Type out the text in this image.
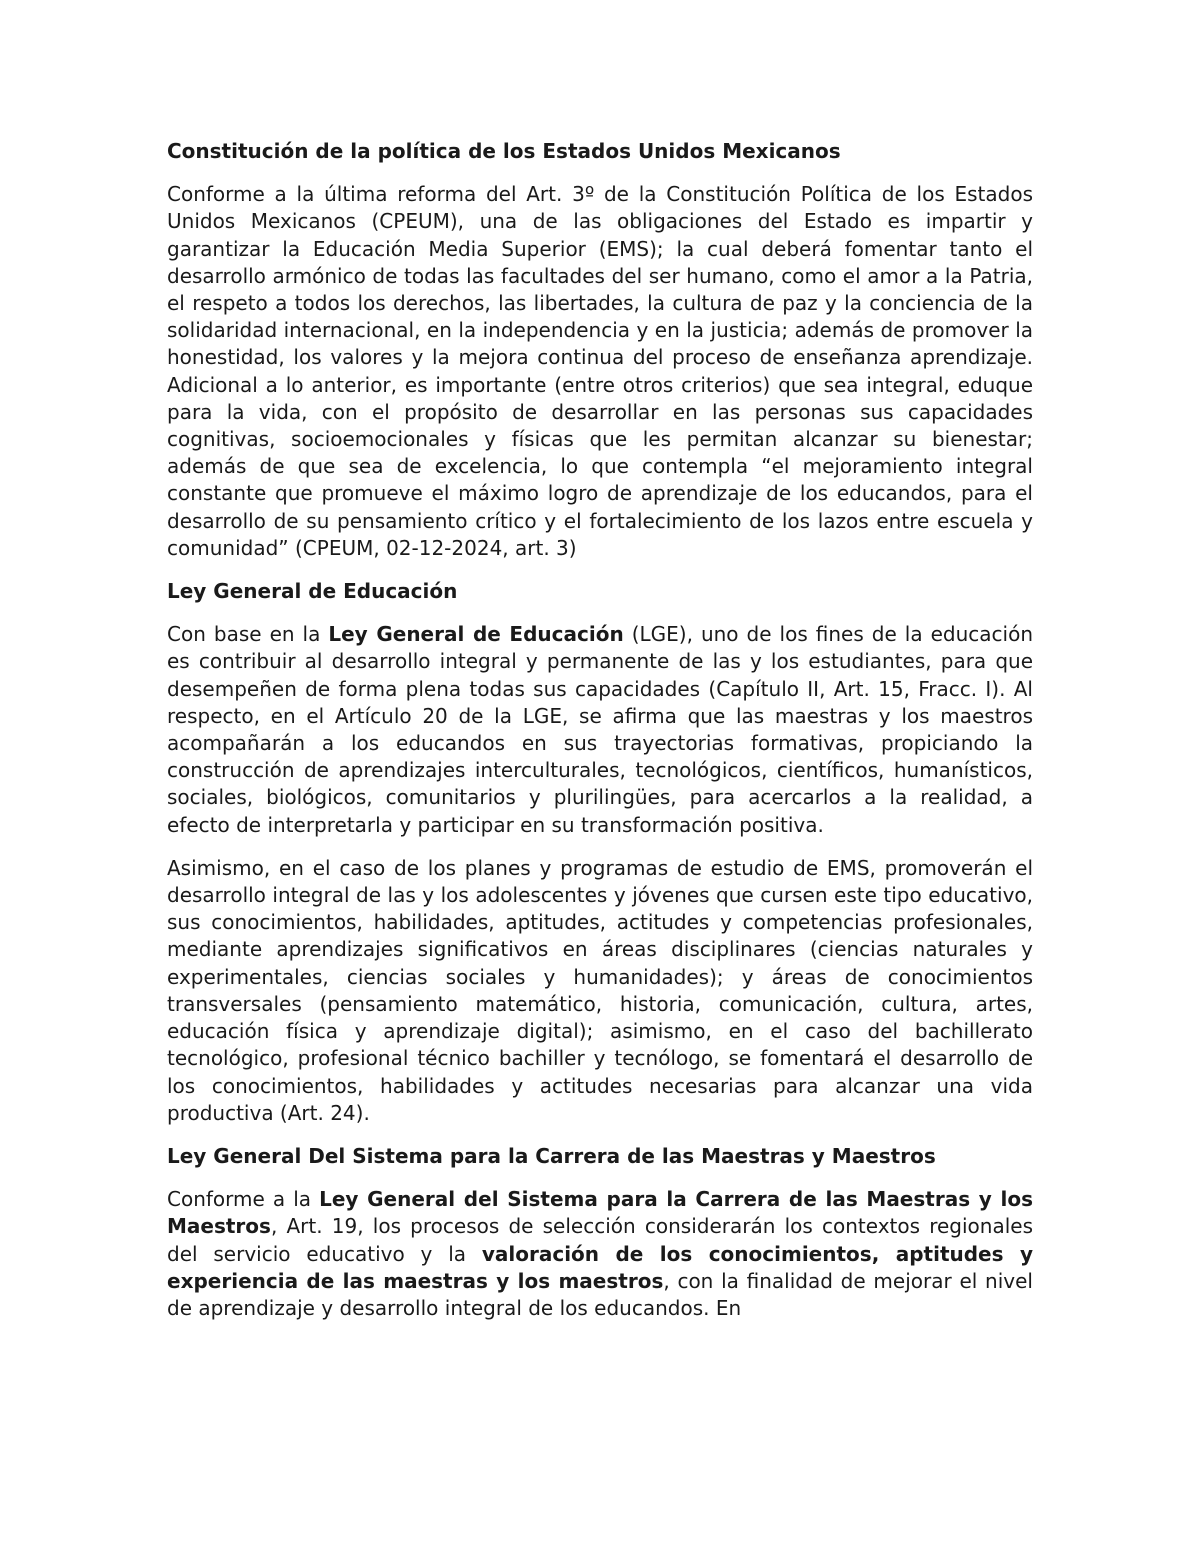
Constitución de la política de los Estados Unidos Mexicanos

Conforme a la última reforma del Art. 3º de la Constitución Política de los Estados Unidos Mexicanos (CPEUM), una de las obligaciones del Estado es impartir y garantizar la Educación Media Superior (EMS); la cual deberá fomentar tanto el desarrollo armónico de todas las facultades del ser humano, como el amor a la Patria, el respeto a todos los derechos, las libertades, la cultura de paz y la conciencia de la solidaridad internacional, en la independencia y en la justicia; además de promover la honestidad, los valores y la mejora continua del proceso de enseñanza aprendizaje. Adicional a lo anterior, es importante (entre otros criterios) que sea integral, eduque para la vida, con el propósito de desarrollar en las personas sus capacidades cognitivas, socioemocionales y físicas que les permitan alcanzar su bienestar; además de que sea de excelencia, lo que contempla “el mejoramiento integral constante que promueve el máximo logro de aprendizaje de los educandos, para el desarrollo de su pensamiento crítico y el fortalecimiento de los lazos entre escuela y comunidad” (CPEUM, 02-12-2024, art. 3)

Ley General de Educación

Con base en la Ley General de Educación (LGE), uno de los fines de la educación es contribuir al desarrollo integral y permanente de las y los estudiantes, para que desempeñen de forma plena todas sus capacidades (Capítulo II, Art. 15, Fracc. I). Al respecto, en el Artículo 20 de la LGE, se afirma que las maestras y los maestros acompañarán a los educandos en sus trayectorias formativas, propiciando la construcción de aprendizajes interculturales, tecnológicos, científicos, humanísticos, sociales, biológicos, comunitarios y plurilingües, para acercarlos a la realidad, a efecto de interpretarla y participar en su transformación positiva.

Asimismo, en el caso de los planes y programas de estudio de EMS, promoverán el desarrollo integral de las y los adolescentes y jóvenes que cursen este tipo educativo, sus conocimientos, habilidades, aptitudes, actitudes y competencias profesionales, mediante aprendizajes significativos en áreas disciplinares (ciencias naturales y experimentales, ciencias sociales y humanidades); y áreas de conocimientos transversales (pensamiento matemático, historia, comunicación, cultura, artes, educación física y aprendizaje digital); asimismo, en el caso del bachillerato tecnológico, profesional técnico bachiller y tecnólogo, se fomentará el desarrollo de los conocimientos, habilidades y actitudes necesarias para alcanzar una vida productiva (Art. 24).

Ley General Del Sistema para la Carrera de las Maestras y Maestros

Conforme a la Ley General del Sistema para la Carrera de las Maestras y los Maestros, Art. 19, los procesos de selección considerarán los contextos regionales del servicio educativo y la valoración de los conocimientos, aptitudes y experiencia de las maestras y los maestros, con la finalidad de mejorar el nivel de aprendizaje y desarrollo integral de los educandos. En
